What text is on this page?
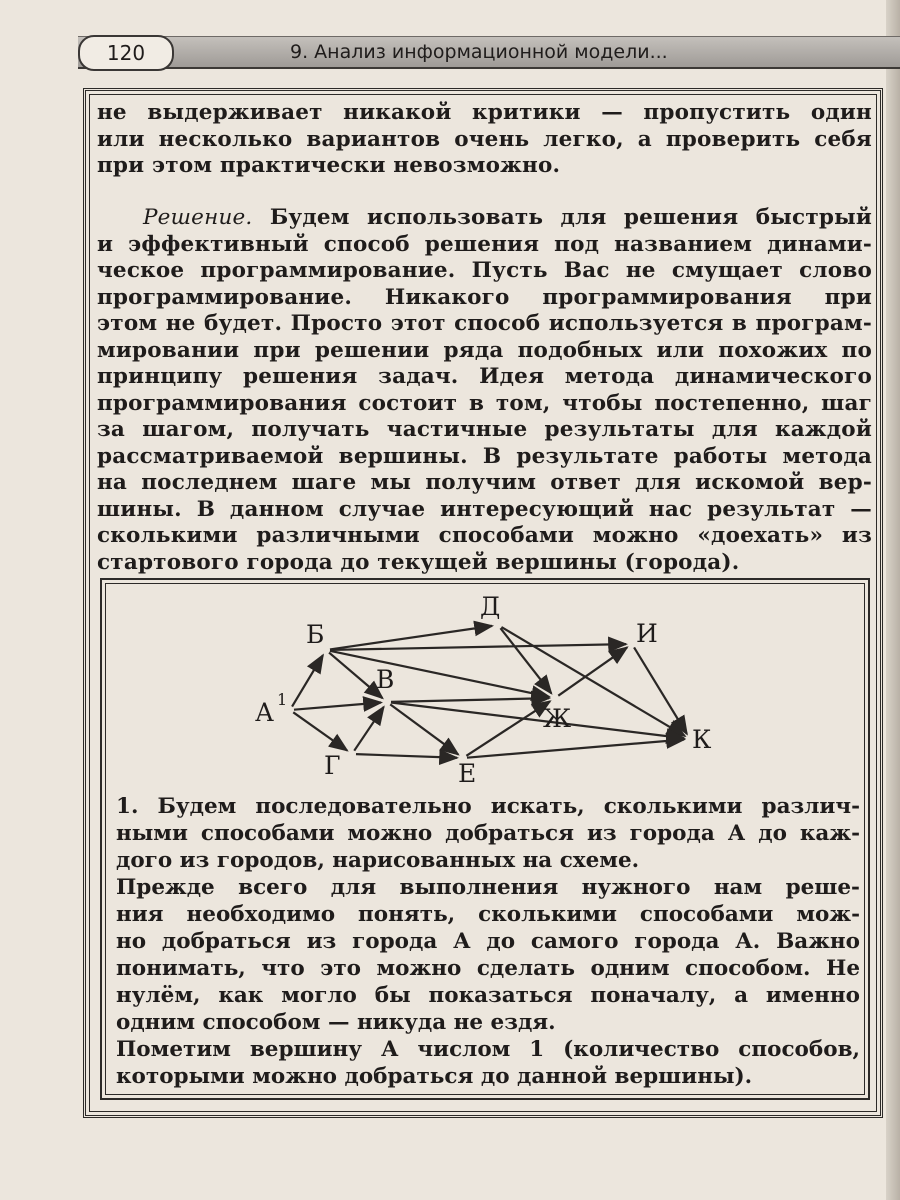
120	9. Анализ информационной модели...
не выдерживает никакой критики — пропустить один
или несколько вариантов очень легко, а проверить себя
при этом практически невозможно.
Решение. Будем использовать для решения быстрый
и эффективный способ решения под названием динами-
ческое программирование. Пусть Вас не смущает слово
программирование. Никакого программирования при
этом не будет. Просто этот способ используется в програм-
мировании при решении ряда подобных или похожих по
принципу решения задач. Идея метода динамического
программирования состоит в том, чтобы постепенно, шаг
за шагом, получать частичные результаты для каждой
рассматриваемой вершины. В результате работы метода
на последнем шаге мы получим ответ для искомой вер-
шины. В данном случае интересующий нас результат —
сколькими различными способами можно «доехать» из
стартового города до текущей вершины (города).
А 1
Б
В
Г
Д
Е
Ж
И
К
1. Будем последовательно искать, сколькими различ-
ными способами можно добраться из города А до каж-
дого из городов, нарисованных на схеме.
Прежде всего для выполнения нужного нам реше-
ния необходимо понять, сколькими способами мож-
но добраться из города А до самого города А. Важно
понимать, что это можно сделать одним способом. Не
нулём, как могло бы показаться поначалу, а именно
одним способом — никуда не ездя.
Пометим вершину А числом 1 (количество способов,
которыми можно добраться до данной вершины).
